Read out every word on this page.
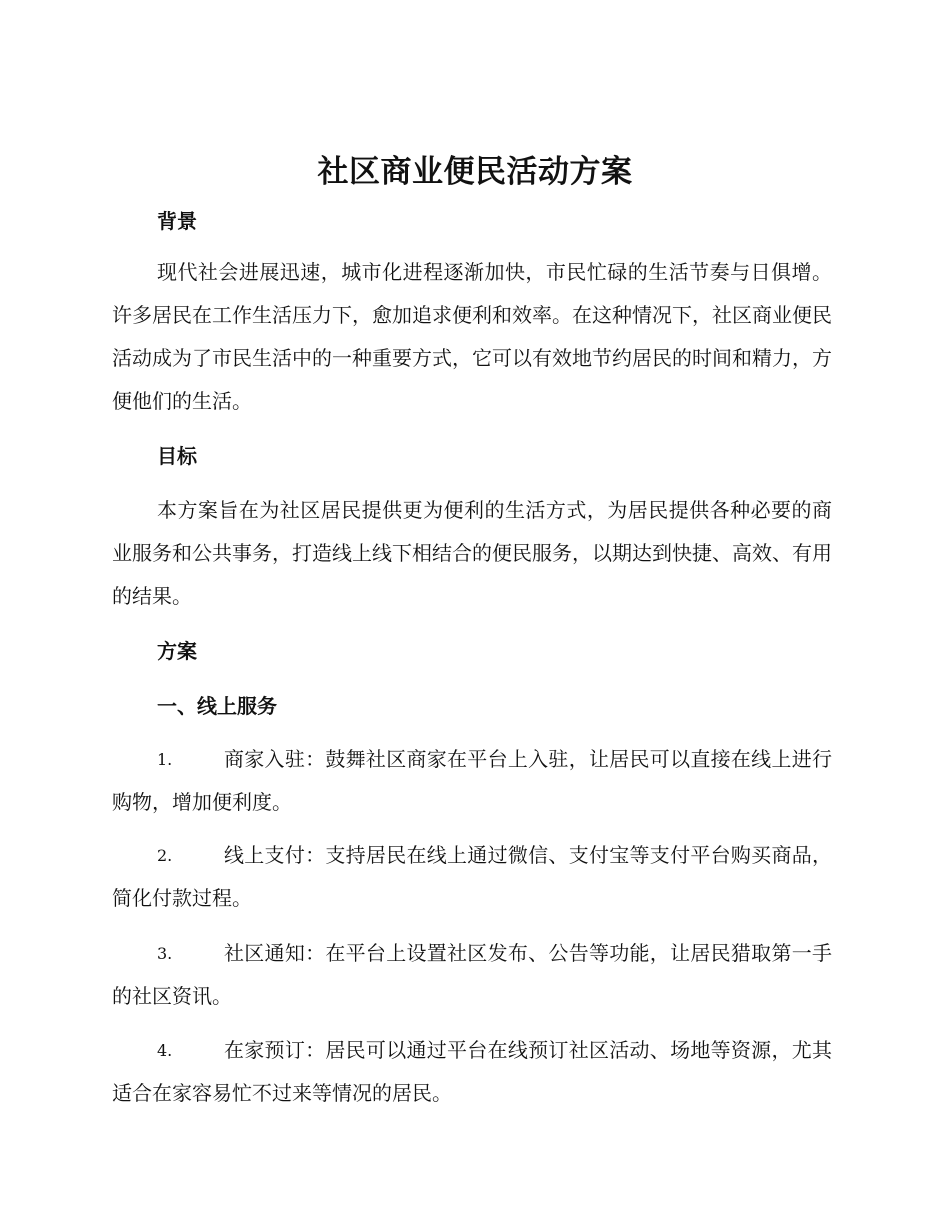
社区商业便民活动方案
背景

现代社会进展迅速，城市化进程逐渐加快，市民忙碌的生活节奏与日俱增。许多居民在工作生活压力下，愈加追求便利和效率。在这种情况下，社区商业便民活动成为了市民生活中的一种重要方式，它可以有效地节约居民的时间和精力，方便他们的生活。

目标

本方案旨在为社区居民提供更为便利的生活方式，为居民提供各种必要的商业服务和公共事务，打造线上线下相结合的便民服务，以期达到快捷、高效、有用的结果。

方案
一、线上服务
1.	商家入驻：鼓舞社区商家在平台上入驻，让居民可以直接在线上进行购物，增加便利度。
2.	线上支付：支持居民在线上通过微信、支付宝等支付平台购买商品，简化付款过程。
3.	社区通知：在平台上设置社区发布、公告等功能，让居民猎取第一手的社区资讯。
4.	在家预订：居民可以通过平台在线预订社区活动、场地等资源，尤其适合在家容易忙不过来等情况的居民。
